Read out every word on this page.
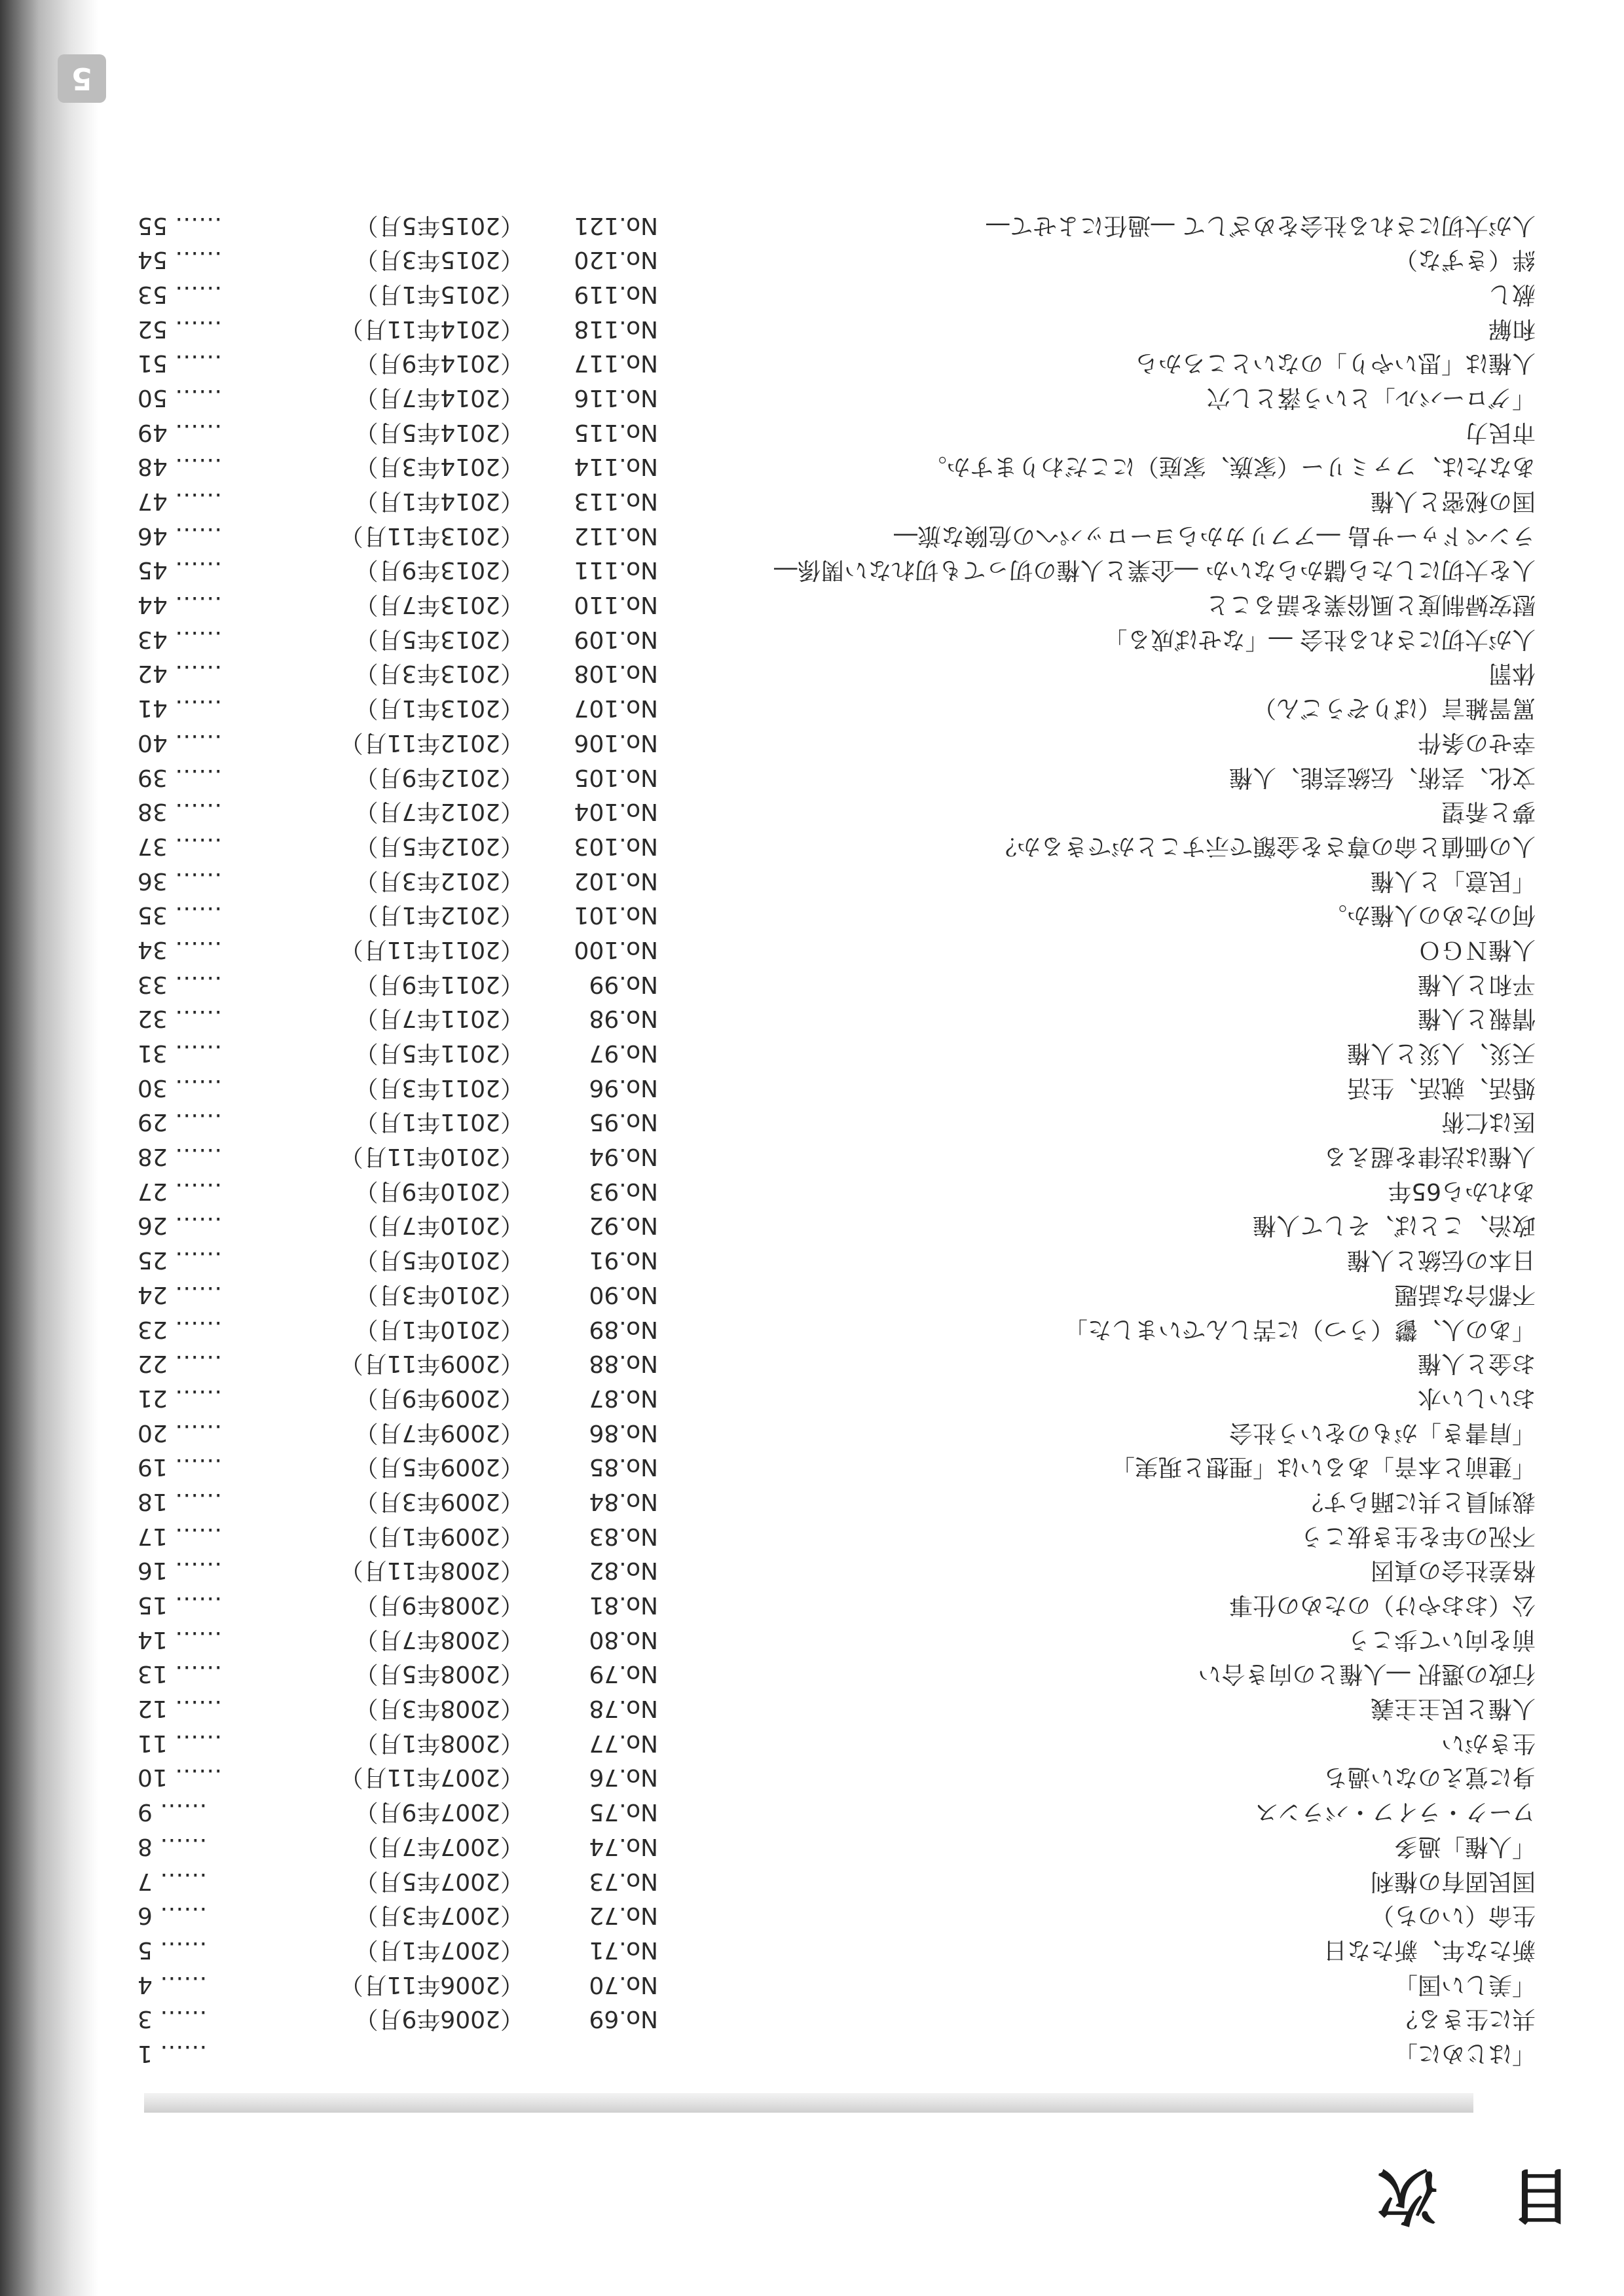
5
目 次
「はじめに」
…… 1
共に生きる？
No.69
（2006年9月）
…… 3
「美しい国」
No.70
（2006年11月）
…… 4
新たな年、新たな日
No.71
（2007年1月）
…… 5
生命（いのち）
No.72
（2007年3月）
…… 6
国民固有の権利
No.73
（2007年5月）
…… 7
「人権」過多
No.74
（2007年7月）
…… 8
ワーク・ライフ・バランス
No.75
（2007年9月）
…… 9
身に覚えのない過ち
No.76
（2007年11月）
…… 10
生きがい
No.77
（2008年1月）
…… 11
人権と民主主義
No.78
（2008年3月）
…… 12
行政の選択 ―人権との向き合い
No.79
（2008年5月）
…… 13
前を向いて歩こう
No.80
（2008年7月）
…… 14
公（おおやけ）のための仕事
No.81
（2008年9月）
…… 15
格差社会の真因
No.82
（2008年11月）
…… 16
不況の年を生き抜こう
No.83
（2009年1月）
…… 17
裁判員と共に踊らす？
No.84
（2009年3月）
…… 18
「建前と本音」あるいは「理想と現実」
No.85
（2009年5月）
…… 19
「肩書き」がものをいう社会
No.86
（2009年7月）
…… 20
おいしい水
No.87
（2009年9月）
…… 21
お金と人権
No.88
（2009年11月）
…… 22
「あの人、鬱（うつ）に苦しんでいました」
No.89
（2010年1月）
…… 23
不都合な話題
No.90
（2010年3月）
…… 24
日本の伝統と人権
No.91
（2010年5月）
…… 25
政治、ことば、そして人権
No.92
（2010年7月）
…… 26
あれから65年
No.93
（2010年9月）
…… 27
人権は法律を超える
No.94
（2010年11月）
…… 28
医は仁術
No.95
（2011年1月）
…… 29
婚活、就活、生活
No.96
（2011年3月）
…… 30
天災、人災と人権
No.97
（2011年5月）
…… 31
情報と人権
No.98
（2011年7月）
…… 32
平和と人権
No.99
（2011年9月）
…… 33
人権ＮＧＯ
No.100
（2011年11月）
…… 34
何のための人権か。
No.101
（2012年1月）
…… 35
「民意」と人権
No.102
（2012年3月）
…… 36
人の価値と命の尊さを金額で示すことができるか？
No.103
（2012年5月）
…… 37
夢と希望
No.104
（2012年7月）
…… 38
文化、芸術、伝統芸能、人権
No.105
（2012年9月）
…… 39
幸せの条件
No.106
（2012年11月）
…… 40
罵詈雑言（ばりぞうごん）
No.107
（2013年1月）
…… 41
体罰
No.108
（2013年3月）
…… 42
人が大切にされる社会 ―「なせば成る」
No.109
（2013年5月）
…… 43
慰安婦制度と風俗業を語ること
No.110
（2013年7月）
…… 44
人を大切にしたら儲からないか ―企業と人権の切っても切れない関係―
No.111
（2013年9月）
…… 45
ランペドゥーサ島 ―アフリカからヨーロッパへの危険な旅―
No.112
（2013年11月）
…… 46
国の秘密と人権
No.113
（2014年1月）
…… 47
あなたは、ファミリー（家族、家庭）にこだわりますか。
No.114
（2014年3月）
…… 48
市民力
No.115
（2014年5月）
…… 49
「グローバル」という落とし穴
No.116
（2014年7月）
…… 50
人権は「思いやり」のないところから
No.117
（2014年9月）
…… 51
和解
No.118
（2014年11月）
…… 52
赦し
No.119
（2015年1月）
…… 53
絆（きずな）
No.120
（2015年3月）
…… 54
人が大切にされる社会をめざして ―過任によせて―
No.121
（2015年5月）
…… 55
